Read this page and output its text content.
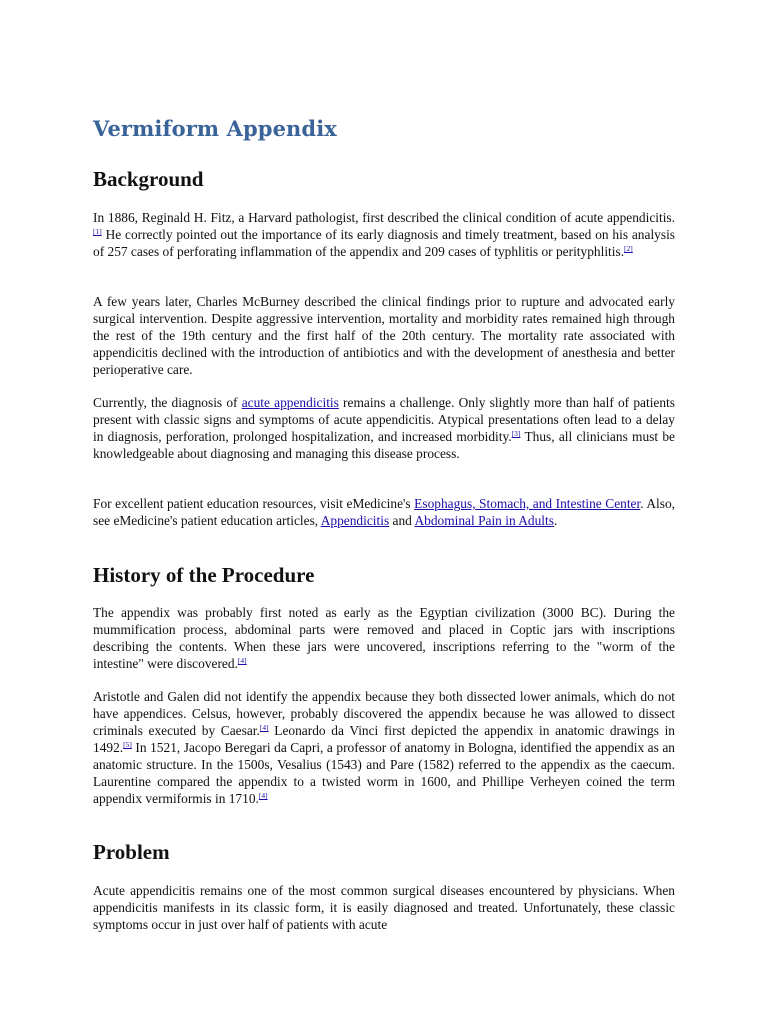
Vermiform Appendix
Background

In 1886, Reginald H. Fitz, a Harvard pathologist, first described the clinical condition of acute appendicitis.[1] He correctly pointed out the importance of its early diagnosis and timely treatment, based on his analysis of 257 cases of perforating inflammation of the appendix and 209 cases of typhlitis or perityphlitis.[2]

A few years later, Charles McBurney described the clinical findings prior to rupture and advocated early surgical intervention. Despite aggressive intervention, mortality and morbidity rates remained high through the rest of the 19th century and the first half of the 20th century. The mortality rate associated with appendicitis declined with the introduction of antibiotics and with the development of anesthesia and better perioperative care.

Currently, the diagnosis of acute appendicitis remains a challenge. Only slightly more than half of patients present with classic signs and symptoms of acute appendicitis. Atypical presentations often lead to a delay in diagnosis, perforation, prolonged hospitalization, and increased morbidity.[3] Thus, all clinicians must be knowledgeable about diagnosing and managing this disease process.

For excellent patient education resources, visit eMedicine's Esophagus, Stomach, and Intestine Center. Also, see eMedicine's patient education articles, Appendicitis and Abdominal Pain in Adults.

History of the Procedure

The appendix was probably first noted as early as the Egyptian civilization (3000 BC). During the mummification process, abdominal parts were removed and placed in Coptic jars with inscriptions describing the contents. When these jars were uncovered, inscriptions referring to the "worm of the intestine" were discovered.[4]

Aristotle and Galen did not identify the appendix because they both dissected lower animals, which do not have appendices. Celsus, however, probably discovered the appendix because he was allowed to dissect criminals executed by Caesar.[4] Leonardo da Vinci first depicted the appendix in anatomic drawings in 1492.[5] In 1521, Jacopo Beregari da Capri, a professor of anatomy in Bologna, identified the appendix as an anatomic structure. In the 1500s, Vesalius (1543) and Pare (1582) referred to the appendix as the caecum. Laurentine compared the appendix to a twisted worm in 1600, and Phillipe Verheyen coined the term appendix vermiformis in 1710.[4]

Problem

Acute appendicitis remains one of the most common surgical diseases encountered by physicians. When appendicitis manifests in its classic form, it is easily diagnosed and treated. Unfortunately, these classic symptoms occur in just over half of patients with acute
